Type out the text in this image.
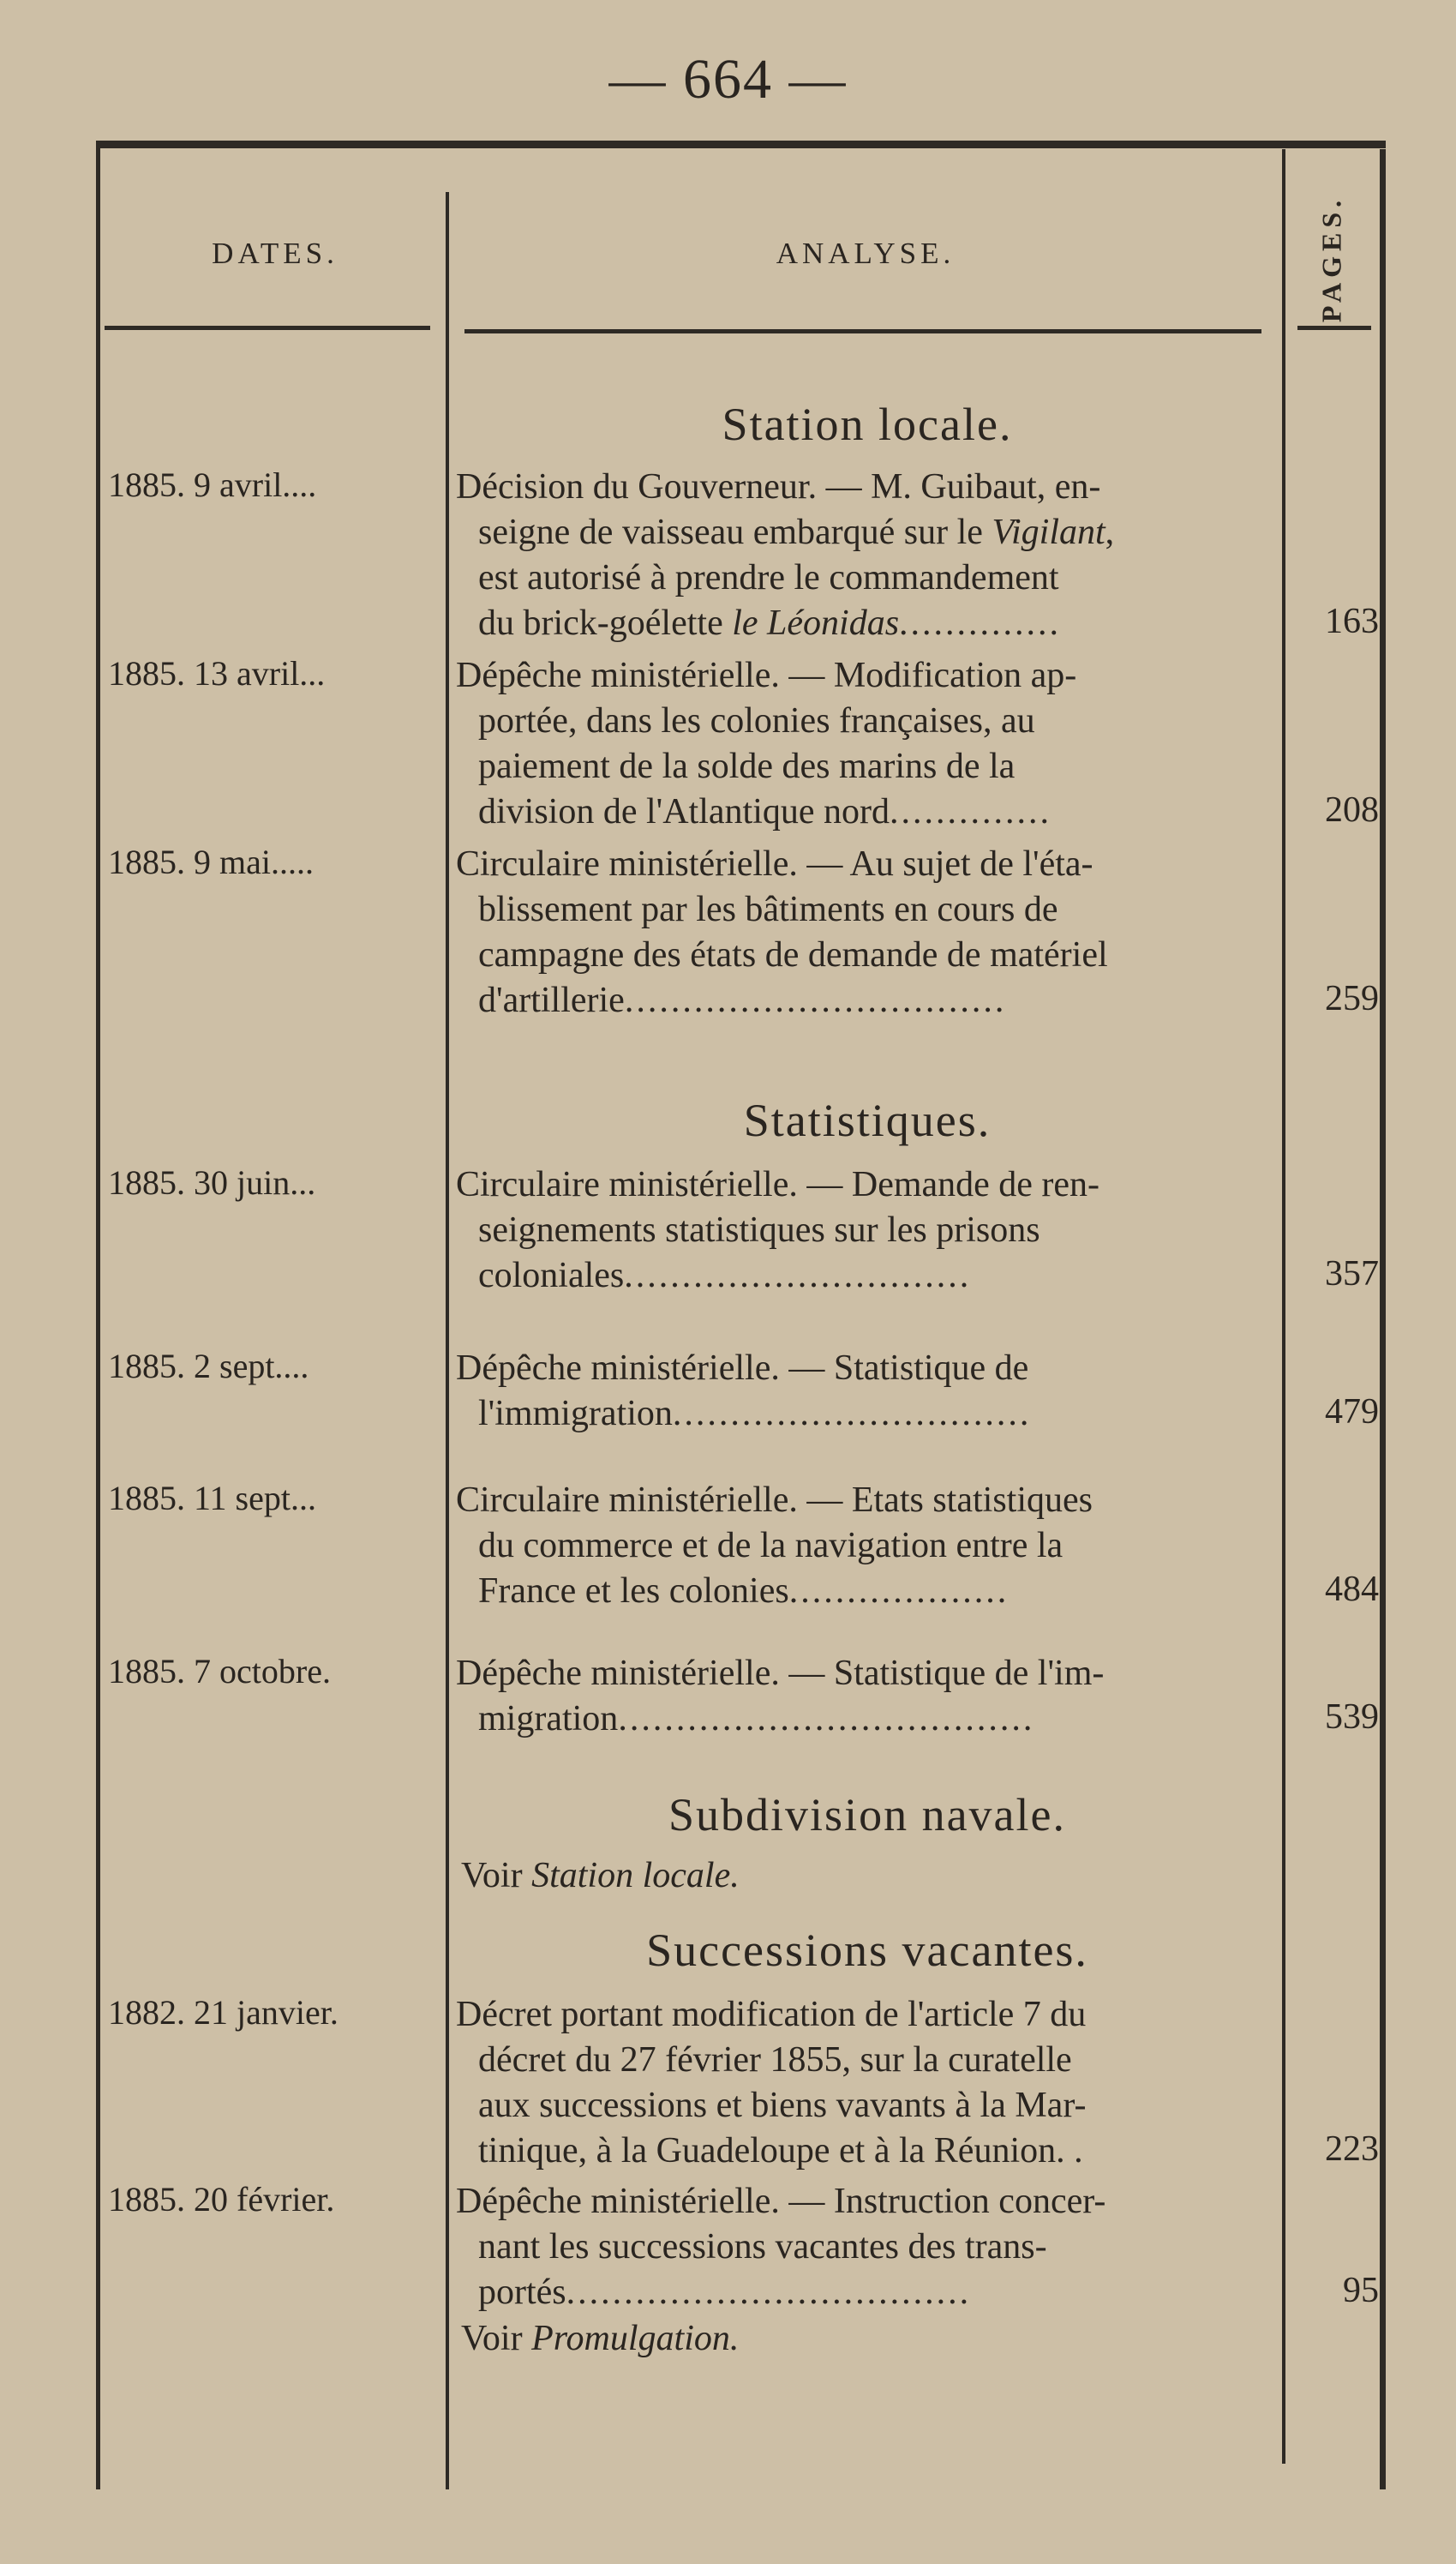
— 664 —
DATES.	ANALYSE.	PAGES.
Station locale.
1885. 9 avril....	Décision du Gouverneur. — M. Guibaut, en-
seigne de vaisseau embarqué sur le Vigilant,
est autorisé à prendre le commandement
du brick-goélette le Léonidas..............	163
1885. 13 avril...	Dépêche ministérielle. — Modification ap-
portée, dans les colonies françaises, au
paiement de la solde des marins de la
division de l'Atlantique nord..............	208
1885. 9 mai.....	Circulaire ministérielle. — Au sujet de l'éta-
blissement par les bâtiments en cours de
campagne des états de demande de matériel
d'artillerie.................................	259
Statistiques.
1885. 30 juin...	Circulaire ministérielle. — Demande de ren-
seignements statistiques sur les prisons
coloniales..............................	357
1885. 2 sept....	Dépêche ministérielle. — Statistique de
l'immigration...............................	479
1885. 11 sept...	Circulaire ministérielle. — Etats statistiques
du commerce et de la navigation entre la
France et les colonies...................	484
1885. 7 octobre.	Dépêche ministérielle. — Statistique de l'im-
migration....................................	539
Subdivision navale.
Voir Station locale.
Successions vacantes.
1882. 21 janvier.	Décret portant modification de l'article 7 du
décret du 27 février 1855, sur la curatelle
aux successions et biens vavants à la Mar-
tinique, à la Guadeloupe et à la Réunion. .	223
1885. 20 février.	Dépêche ministérielle. — Instruction concer-
nant les successions vacantes des trans-
portés...................................	95
Voir Promulgation.
